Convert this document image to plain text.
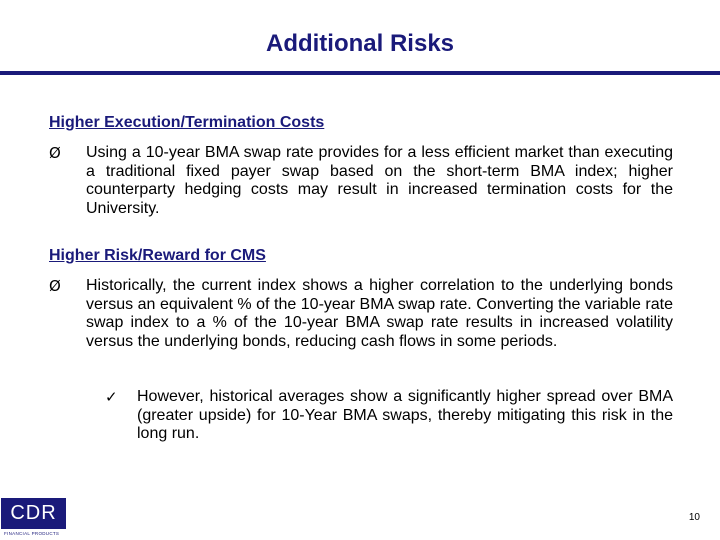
Additional Risks
Higher Execution/Termination Costs
Ø	Using a 10-year BMA swap rate provides for a less efficient market than executing a traditional fixed payer swap based on the short-term BMA index; higher counterparty hedging costs may result in increased termination costs for the University.
Higher Risk/Reward for CMS
Ø	Historically, the current index shows a higher correlation to the underlying bonds versus an equivalent % of the 10-year BMA swap rate. Converting the variable rate swap index to a % of the 10-year BMA swap rate results in increased volatility versus the underlying bonds, reducing cash flows in some periods.
✓	However, historical averages show a significantly higher spread over BMA (greater upside) for 10-Year BMA swaps, thereby mitigating this risk in the long run.
CDR
FINANCIAL PRODUCTS
10
